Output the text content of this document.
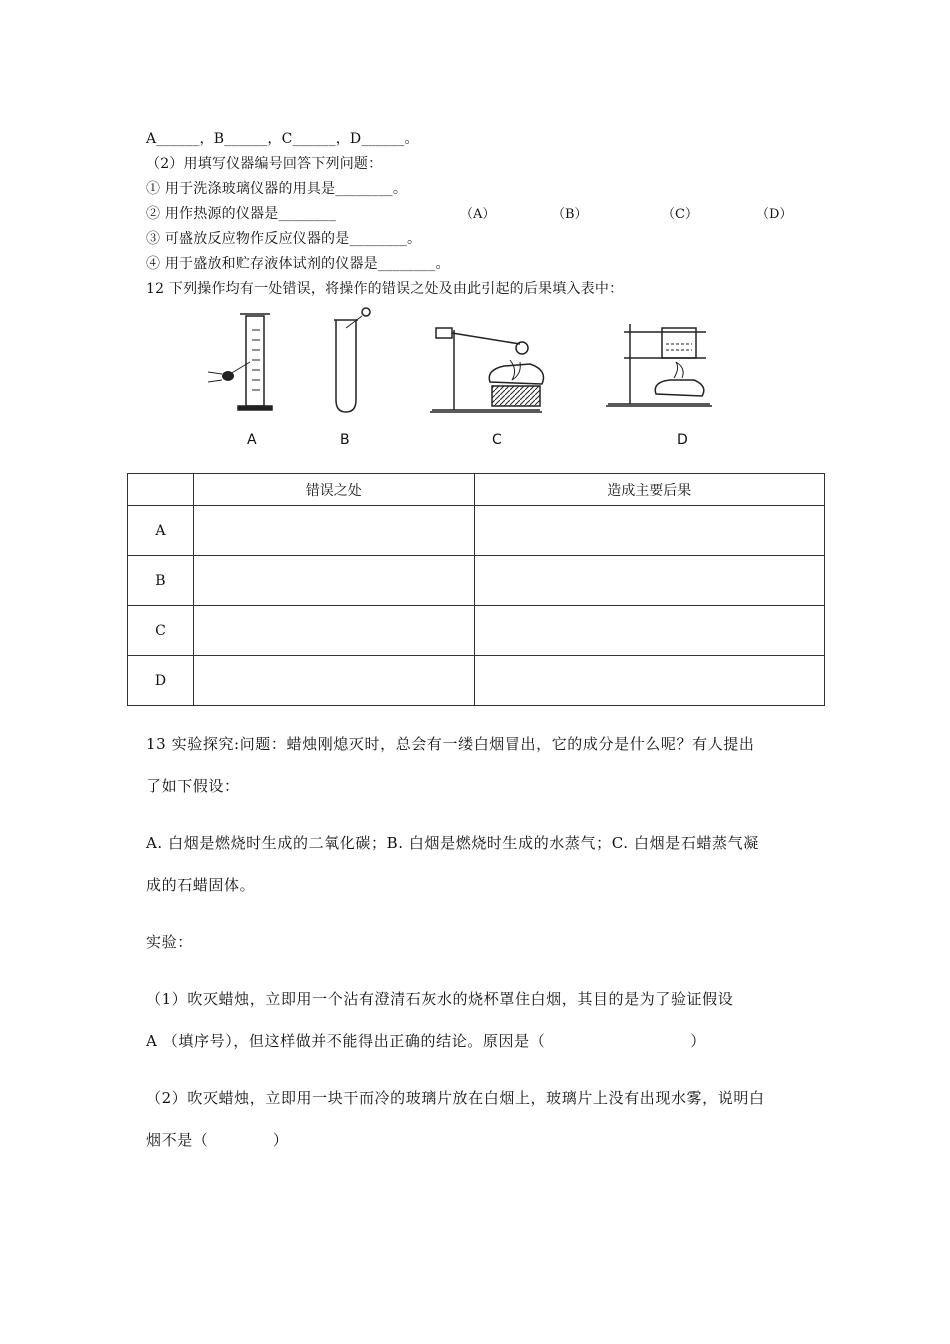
A______，B______，C______，D______。
（2）用填写仪器编号回答下列问题：
① 用于洗涤玻璃仪器的用具是________。
② 用作热源的仪器是________	（A）	（B）	（C）	（D）
③ 可盛放反应物作反应仪器的是________。
④ 用于盛放和贮存液体试剂的仪器是________。
12 下列操作均有一处错误，将操作的错误之处及由此引起的后果填入表中：
A	B	C	D
	错误之处	造成主要后果
A		
B		
C		
D		
13 实验探究:问题：蜡烛刚熄灭时，总会有一缕白烟冒出，它的成分是什么呢？有人提出
了如下假设：
A. 白烟是燃烧时生成的二氧化碳；B. 白烟是燃烧时生成的水蒸气；C. 白烟是石蜡蒸气凝
成的石蜡固体。
实验：
（1）吹灭蜡烛，立即用一个沾有澄清石灰水的烧杯罩住白烟，其目的是为了验证假设
A （填序号），但这样做并不能得出正确的结论。原因是（                           ）
（2）吹灭蜡烛，立即用一块干而冷的玻璃片放在白烟上，玻璃片上没有出现水雾，说明白
烟不是（            ）
